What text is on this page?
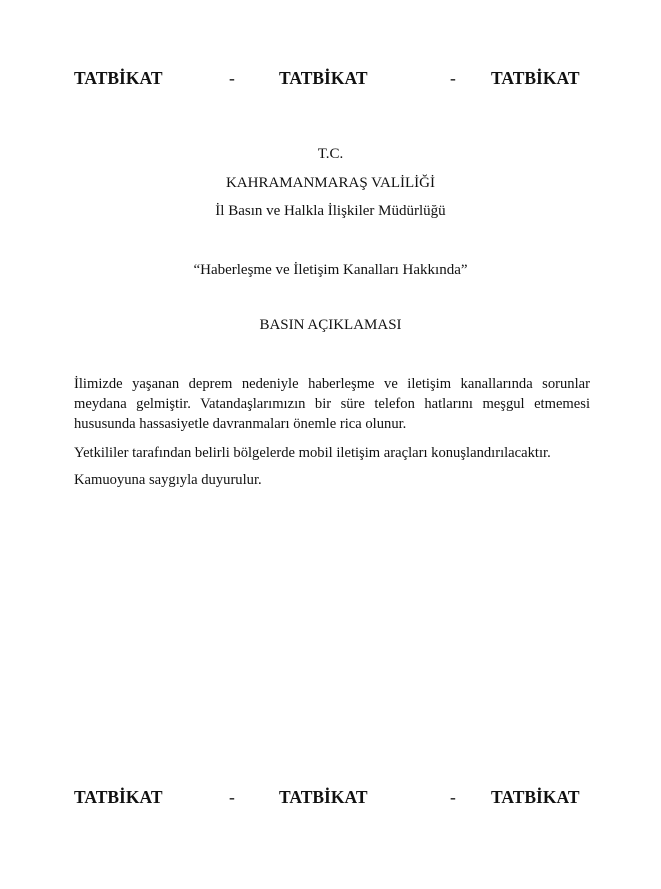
TATBİKAT	-	TATBİKAT	- TATBİKAT
T.C.
KAHRAMANMARAŞ VALİLİĞİ
İl Basın ve Halkla İlişkiler Müdürlüğü
“Haberleşme ve İletişim Kanalları Hakkında”
BASIN AÇIKLAMASI
İlimizde yaşanan deprem nedeniyle haberleşme ve iletişim kanallarında sorunlar meydana gelmiştir. Vatandaşlarımızın bir süre telefon hatlarını meşgul etmemesi hususunda hassasiyetle davranmaları önemle rica olunur.
Yetkililer tarafından belirli bölgelerde mobil iletişim araçları konuşlandırılacaktır.
Kamuoyuna saygıyla duyurulur.
TATBİKAT	-	TATBİKAT	- TATBİKAT
